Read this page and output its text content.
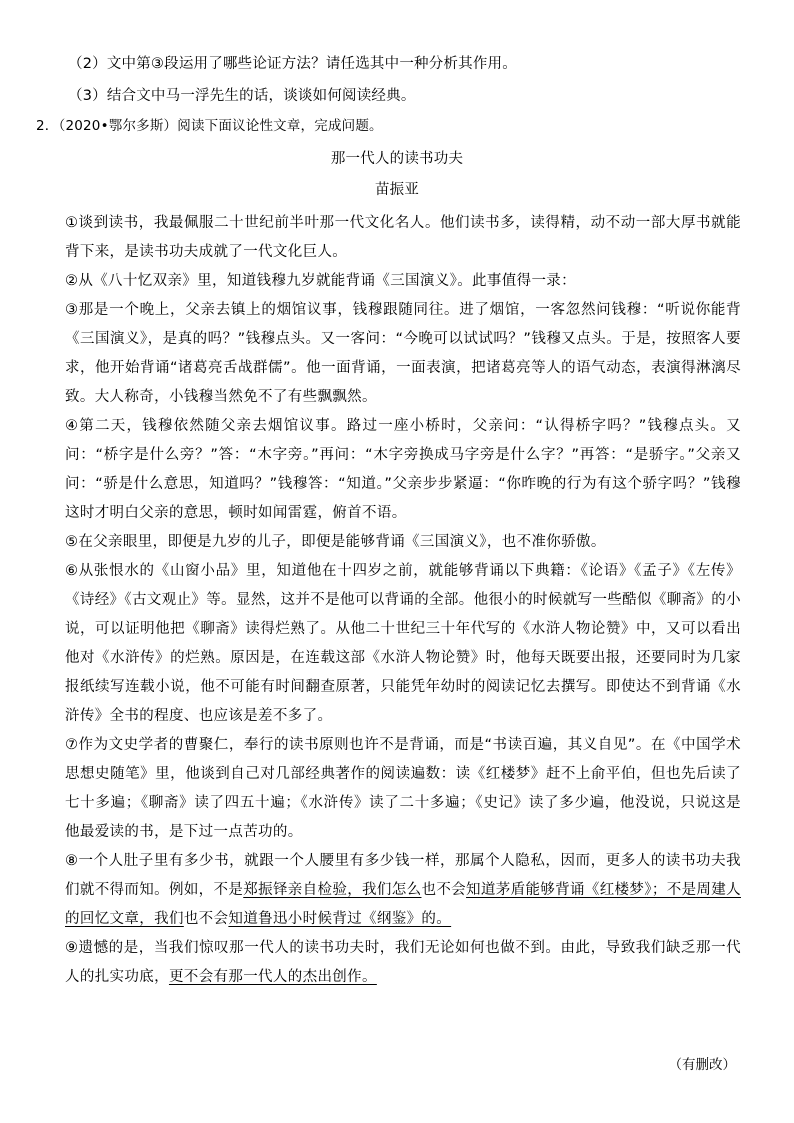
（2）文中第③段运用了哪些论证方法？请任选其中一种分析其作用。
（3）结合文中马一浮先生的话，谈谈如何阅读经典。
2．（2020•鄂尔多斯）阅读下面议论性文章，完成问题。
那一代人的读书功夫
苗振亚
①谈到读书，我最佩服二十世纪前半叶那一代文化名人。他们读书多，读得精，动不动一部大厚书就能背下来，是读书功夫成就了一代文化巨人。
②从《八十忆双亲》里，知道钱穆九岁就能背诵《三国演义》。此事值得一录：
③那是一个晚上，父亲去镇上的烟馆议事，钱穆跟随同往。进了烟馆，一客忽然问钱穆：“听说你能背《三国演义》，是真的吗？”钱穆点头。又一客问：“今晚可以试试吗？”钱穆又点头。于是，按照客人要求，他开始背诵“诸葛亮舌战群儒”。他一面背诵，一面表演，把诸葛亮等人的语气动态，表演得淋漓尽致。大人称奇，小钱穆当然免不了有些飘飘然。
④第二天，钱穆依然随父亲去烟馆议事。路过一座小桥时，父亲问：“认得桥字吗？”钱穆点头。又问：“桥字是什么旁？”答：“木字旁。”再问：“木字旁换成马字旁是什么字？”再答：“是骄字。”父亲又问：“骄是什么意思，知道吗？”钱穆答：“知道。”父亲步步紧逼：“你昨晚的行为有这个骄字吗？”钱穆这时才明白父亲的意思，顿时如闻雷霆，俯首不语。
⑤在父亲眼里，即便是九岁的儿子，即便是能够背诵《三国演义》，也不准你骄傲。
⑥从张恨水的《山窗小品》里，知道他在十四岁之前，就能够背诵以下典籍：《论语》《孟子》《左传》《诗经》《古文观止》等。显然，这并不是他可以背诵的全部。他很小的时候就写一些酷似《聊斋》的小说，可以证明他把《聊斋》读得烂熟了。从他二十世纪三十年代写的《水浒人物论赞》中，又可以看出他对《水浒传》的烂熟。原因是，在连载这部《水浒人物论赞》时，他每天既要出报，还要同时为几家报纸续写连载小说，他不可能有时间翻查原著，只能凭年幼时的阅读记忆去撰写。即使达不到背诵《水浒传》全书的程度、也应该是差不多了。
⑦作为文史学者的曹聚仁，奉行的读书原则也许不是背诵，而是“书读百遍，其义自见”。在《中国学术思想史随笔》里，他谈到自己对几部经典著作的阅读遍数：读《红楼梦》赶不上俞平伯，但也先后读了七十多遍；《聊斋》读了四五十遍；《水浒传》读了二十多遍；《史记》读了多少遍，他没说，只说这是他最爱读的书，是下过一点苦功的。
⑧一个人肚子里有多少书，就跟一个人腰里有多少钱一样，那属个人隐私，因而，更多人的读书功夫我们就不得而知。例如，不是郑振铎亲自检验，我们怎么也不会知道茅盾能够背诵《红楼梦》；不是周建人的回忆文章，我们也不会知道鲁迅小时候背过《纲鉴》的。
⑨遗憾的是，当我们惊叹那一代人的读书功夫时，我们无论如何也做不到。由此，导致我们缺乏那一代人的扎实功底，更不会有那一代人的杰出创作。
（有删改）
